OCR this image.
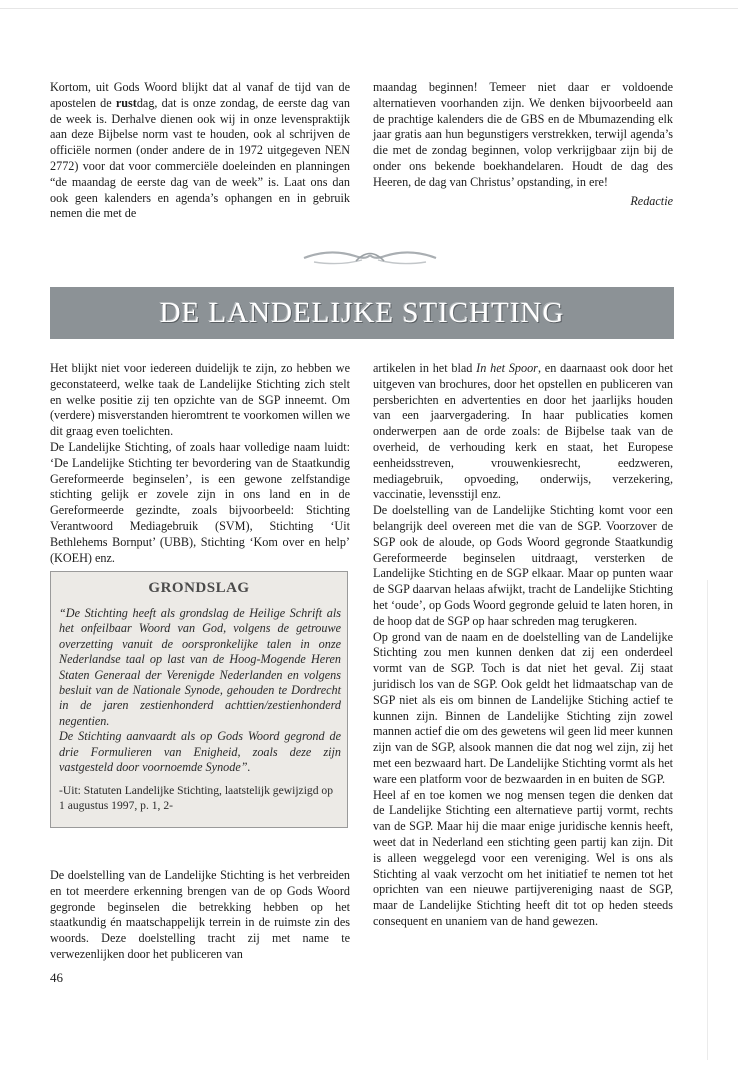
Kortom, uit Gods Woord blijkt dat al vanaf de tijd van de apostelen de rustdag, dat is onze zondag, de eerste dag van de week is. Derhalve dienen ook wij in onze levenspraktijk aan deze Bijbelse norm vast te houden, ook al schrijven de officiële normen (onder andere de in 1972 uitgegeven NEN 2772) voor dat voor commerciële doeleinden en planningen “de maandag de eerste dag van de week” is. Laat ons dan ook geen kalenders en agenda’s ophangen en in gebruik nemen die met de

maandag beginnen! Temeer niet daar er voldoende alternatieven voorhanden zijn. We denken bijvoorbeeld aan de prachtige kalenders die de GBS en de Mbumazending elk jaar gratis aan hun begunstigers verstrekken, terwijl agenda’s die met de zondag beginnen, volop verkrijgbaar zijn bij de onder ons bekende boekhandelaren. Houdt de dag des Heeren, de dag van Christus’ opstanding, in ere!

Redactie

DE LANDELIJKE STICHTING

Het blijkt niet voor iedereen duidelijk te zijn, zo hebben we geconstateerd, welke taak de Landelijke Stichting zich stelt en welke positie zij ten opzichte van de SGP inneemt. Om (verdere) misverstanden hieromtrent te voorkomen willen we dit graag even toelichten.

De Landelijke Stichting, of zoals haar volledige naam luidt: ‘De Landelijke Stichting ter bevordering van de Staatkundig Gereformeerde beginselen’, is een gewone zelfstandige stichting gelijk er zovele zijn in ons land en in de Gereformeerde gezindte, zoals bijvoorbeeld: Stichting Verantwoord Mediagebruik (SVM), Stichting ‘Uit Bethlehems Bornput’ (UBB), Stichting ‘Kom over en help’ (KOEH) enz.

GRONDSLAG

“De Stichting heeft als grondslag de Heilige Schrift als het onfeilbaar Woord van God, volgens de getrouwe overzetting vanuit de oorspronkelijke talen in onze Nederlandse taal op last van de Hoog-Mogende Heren Staten Generaal der Verenigde Nederlanden en volgens besluit van de Nationale Synode, gehouden te Dordrecht in de jaren zestienhonderd achttien/zestienhonderd negentien.

De Stichting aanvaardt als op Gods Woord gegrond de drie Formulieren van Enigheid, zoals deze zijn vastgesteld door voornoemde Synode”.

-Uit: Statuten Landelijke Stichting, laatstelijk gewijzigd op 1 augustus 1997, p. 1, 2-

De doelstelling van de Landelijke Stichting is het verbreiden en tot meerdere erkenning brengen van de op Gods Woord gegronde beginselen die betrekking hebben op het staatkundig én maatschappelijk terrein in de ruimste zin des woords. Deze doelstelling tracht zij met name te verwezenlijken door het publiceren van

artikelen in het blad In het Spoor, en daarnaast ook door het uitgeven van brochures, door het opstellen en publiceren van persberichten en advertenties en door het jaarlijks houden van een jaarvergadering. In haar publicaties komen onderwerpen aan de orde zoals: de Bijbelse taak van de overheid, de verhouding kerk en staat, het Europese eenheidsstreven, vrouwenkiesrecht, eedzweren, mediagebruik, opvoeding, onderwijs, verzekering, vaccinatie, levensstijl enz.

De doelstelling van de Landelijke Stichting komt voor een belangrijk deel overeen met die van de SGP. Voorzover de SGP ook de aloude, op Gods Woord gegronde Staatkundig Gereformeerde beginselen uitdraagt, versterken de Landelijke Stichting en de SGP elkaar. Maar op punten waar de SGP daarvan helaas afwijkt, tracht de Landelijke Stichting het ‘oude’, op Gods Woord gegronde geluid te laten horen, in de hoop dat de SGP op haar schreden mag terugkeren.

Op grond van de naam en de doelstelling van de Landelijke Stichting zou men kunnen denken dat zij een onderdeel vormt van de SGP. Toch is dat niet het geval. Zij staat juridisch los van de SGP. Ook geldt het lidmaatschap van de SGP niet als eis om binnen de Landelijke Stiching actief te kunnen zijn. Binnen de Landelijke Stichting zijn zowel mannen actief die om des gewetens wil geen lid meer kunnen zijn van de SGP, alsook mannen die dat nog wel zijn, zij het met een bezwaard hart. De Landelijke Stichting vormt als het ware een platform voor de bezwaarden in en buiten de SGP.

Heel af en toe komen we nog mensen tegen die denken dat de Landelijke Stichting een alternatieve partij vormt, rechts van de SGP. Maar hij die maar enige juridische kennis heeft, weet dat in Nederland een stichting geen partij kan zijn. Dit is alleen weggelegd voor een vereniging. Wel is ons als Stichting al vaak verzocht om het initiatief te nemen tot het oprichten van een nieuwe partijvereniging naast de SGP, maar de Landelijke Stichting heeft dit tot op heden steeds consequent en unaniem van de hand gewezen.

46
